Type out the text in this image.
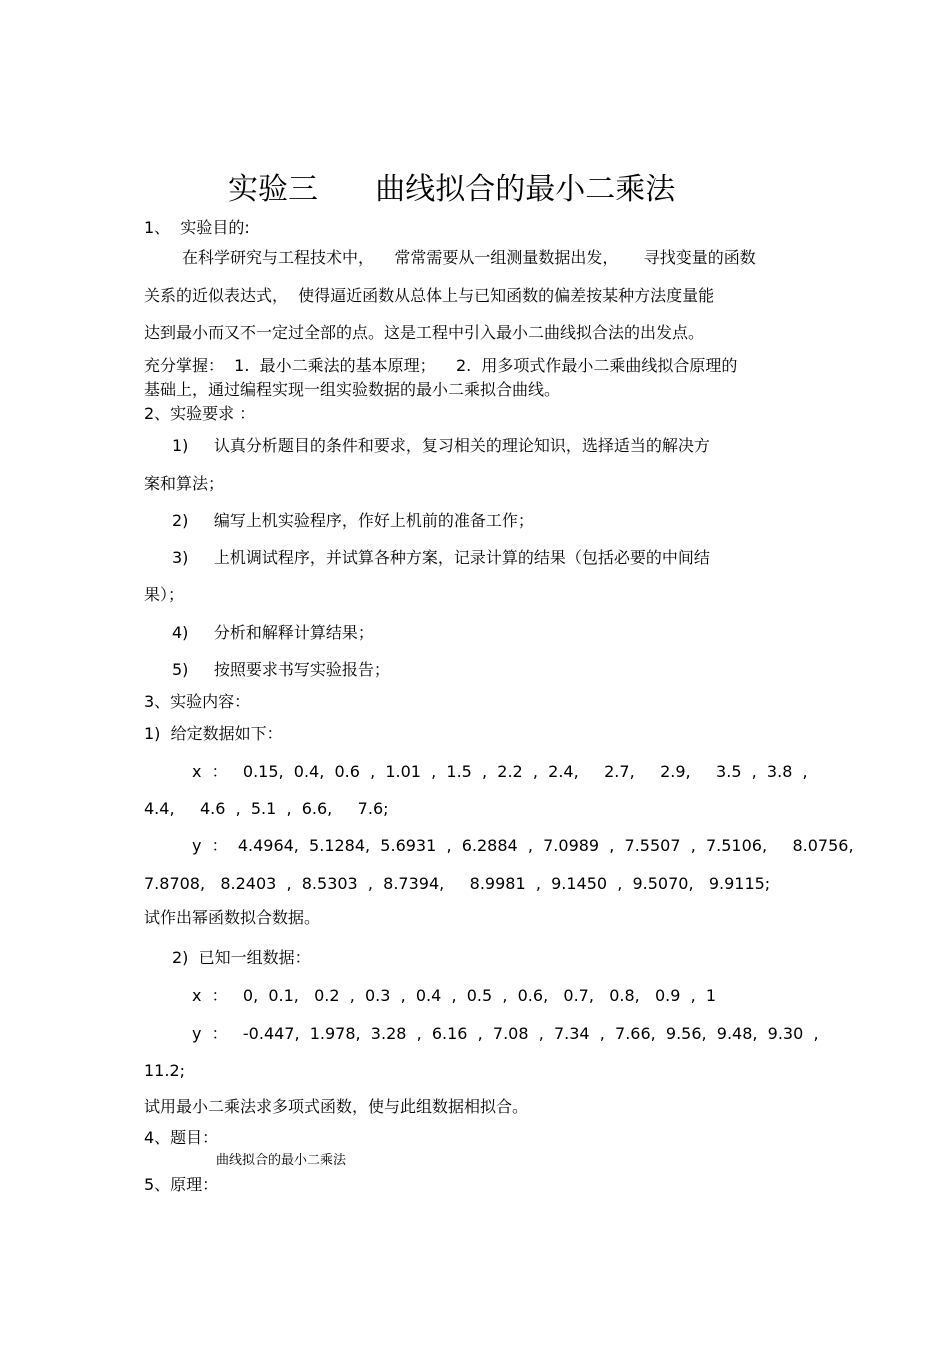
实验三      曲线拟合的最小二乘法
1、  实验目的:
在科学研究与工程技术中，    常常需要从一组测量数据出发，     寻找变量的函数
关系的近似表达式，  使得逼近函数从总体上与已知函数的偏差按某种方法度量能
达到最小而又不一定过全部的点。这是工程中引入最小二曲线拟合法的出发点。
充分掌握：  1.  最小二乘法的基本原理；    2.  用多项式作最小二乘曲线拟合原理的
基础上，通过编程实现一组实验数据的最小二乘拟合曲线。
2、实验要求 ：
1)     认真分析题目的条件和要求，复习相关的理论知识，选择适当的解决方
案和算法；
2)     编写上机实验程序，作好上机前的准备工作；
3)     上机调试程序，并试算各种方案，记录计算的结果（包括必要的中间结
果）；
4)     分析和解释计算结果；
5)     按照要求书写实验报告；
3、实验内容：
1)  给定数据如下：
x  ：   0.15,  0.4,  0.6  ,  1.01  ,  1.5  ,  2.2  ,  2.4,     2.7,     2.9,     3.5  ,  3.8  ,
4.4,     4.6  ,  5.1  ,  6.6,     7.6;
y  ：  4.4964,  5.1284,  5.6931  ,  6.2884  ,  7.0989  ,  7.5507  ,  7.5106,     8.0756,
7.8708,   8.2403  ,  8.5303  ,  8.7394,     8.9981  ,  9.1450  ,  9.5070,   9.9115;
试作出幂函数拟合数据。
2)  已知一组数据：
x  ：   0,  0.1,   0.2  ,  0.3  ,  0.4  ,  0.5  ,  0.6,   0.7,   0.8,   0.9  ,  1
y  ：   -0.447,  1.978,  3.28  ,  6.16  ,  7.08  ,  7.34  ,  7.66,  9.56,  9.48,  9.30  ,
11.2;
试用最小二乘法求多项式函数，使与此组数据相拟合。
4、题目：
曲线拟合的最小二乘法
5、原理：
